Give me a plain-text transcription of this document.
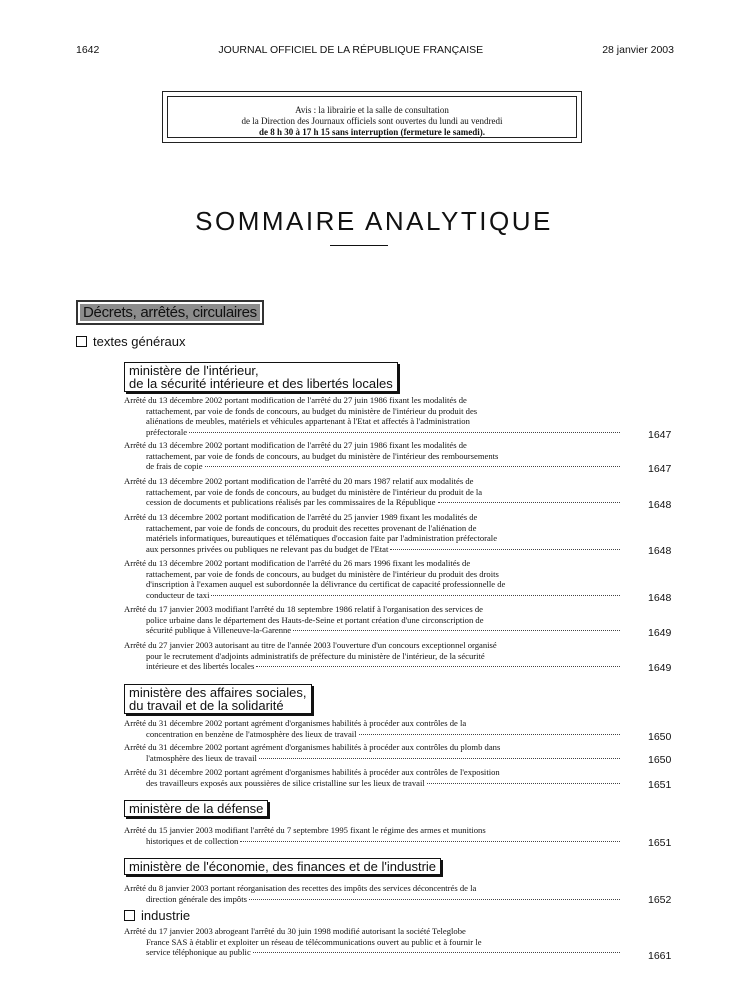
1642	JOURNAL OFFICIEL DE LA RÉPUBLIQUE FRANÇAISE	28 janvier 2003
Avis : la librairie et la salle de consultation
de la Direction des Journaux officiels sont ouvertes du lundi au vendredi
de 8 h 30 à 17 h 15 sans interruption (fermeture le samedi).
SOMMAIRE ANALYTIQUE
Décrets, arrêtés, circulaires
textes généraux
ministère de l'intérieur,
de la sécurité intérieure et des libertés locales
Arrêté du 13 décembre 2002 portant modification de l'arrêté du 27 juin 1986 fixant les modalités de
rattachement, par voie de fonds de concours, au budget du ministère de l'intérieur du produit des
aliénations de meubles, matériels et véhicules appartenant à l'Etat et affectés à l'administration
préfectorale	1647
Arrêté du 13 décembre 2002 portant modification de l'arrêté du 27 juin 1986 fixant les modalités de
rattachement, par voie de fonds de concours, au budget du ministère de l'intérieur des remboursements
de frais de copie	1647
Arrêté du 13 décembre 2002 portant modification de l'arrêté du 20 mars 1987 relatif aux modalités de
rattachement, par voie de fonds de concours, au budget du ministère de l'intérieur du produit de la
cession de documents et publications réalisés par les commissaires de la République	1648
Arrêté du 13 décembre 2002 portant modification de l'arrêté du 25 janvier 1989 fixant les modalités de
rattachement, par voie de fonds de concours, du produit des recettes provenant de l'aliénation de
matériels informatiques, bureautiques et télématiques d'occasion faite par l'administration préfectorale
aux personnes privées ou publiques ne relevant pas du budget de l'Etat	1648
Arrêté du 13 décembre 2002 portant modification de l'arrêté du 26 mars 1996 fixant les modalités de
rattachement, par voie de fonds de concours, au budget du ministère de l'intérieur du produit des droits
d'inscription à l'examen auquel est subordonnée la délivrance du certificat de capacité professionnelle de
conducteur de taxi	1648
Arrêté du 17 janvier 2003 modifiant l'arrêté du 18 septembre 1986 relatif à l'organisation des services de
police urbaine dans le département des Hauts-de-Seine et portant création d'une circonscription de
sécurité publique à Villeneuve-la-Garenne	1649
Arrêté du 27 janvier 2003 autorisant au titre de l'année 2003 l'ouverture d'un concours exceptionnel organisé
pour le recrutement d'adjoints administratifs de préfecture du ministère de l'intérieur, de la sécurité
intérieure et des libertés locales	1649
ministère des affaires sociales,
du travail et de la solidarité
Arrêté du 31 décembre 2002 portant agrément d'organismes habilités à procéder aux contrôles de la
concentration en benzène de l'atmosphère des lieux de travail	1650
Arrêté du 31 décembre 2002 portant agrément d'organismes habilités à procéder aux contrôles du plomb dans
l'atmosphère des lieux de travail	1650
Arrêté du 31 décembre 2002 portant agrément d'organismes habilités à procéder aux contrôles de l'exposition
des travailleurs exposés aux poussières de silice cristalline sur les lieux de travail	1651
ministère de la défense
Arrêté du 15 janvier 2003 modifiant l'arrêté du 7 septembre 1995 fixant le régime des armes et munitions
historiques et de collection	1651
ministère de l'économie, des finances et de l'industrie
Arrêté du 8 janvier 2003 portant réorganisation des recettes des impôts des services déconcentrés de la
direction générale des impôts	1652
industrie
Arrêté du 17 janvier 2003 abrogeant l'arrêté du 30 juin 1998 modifié autorisant la société Teleglobe
France SAS à établir et exploiter un réseau de télécommunications ouvert au public et à fournir le
service téléphonique au public	1661
